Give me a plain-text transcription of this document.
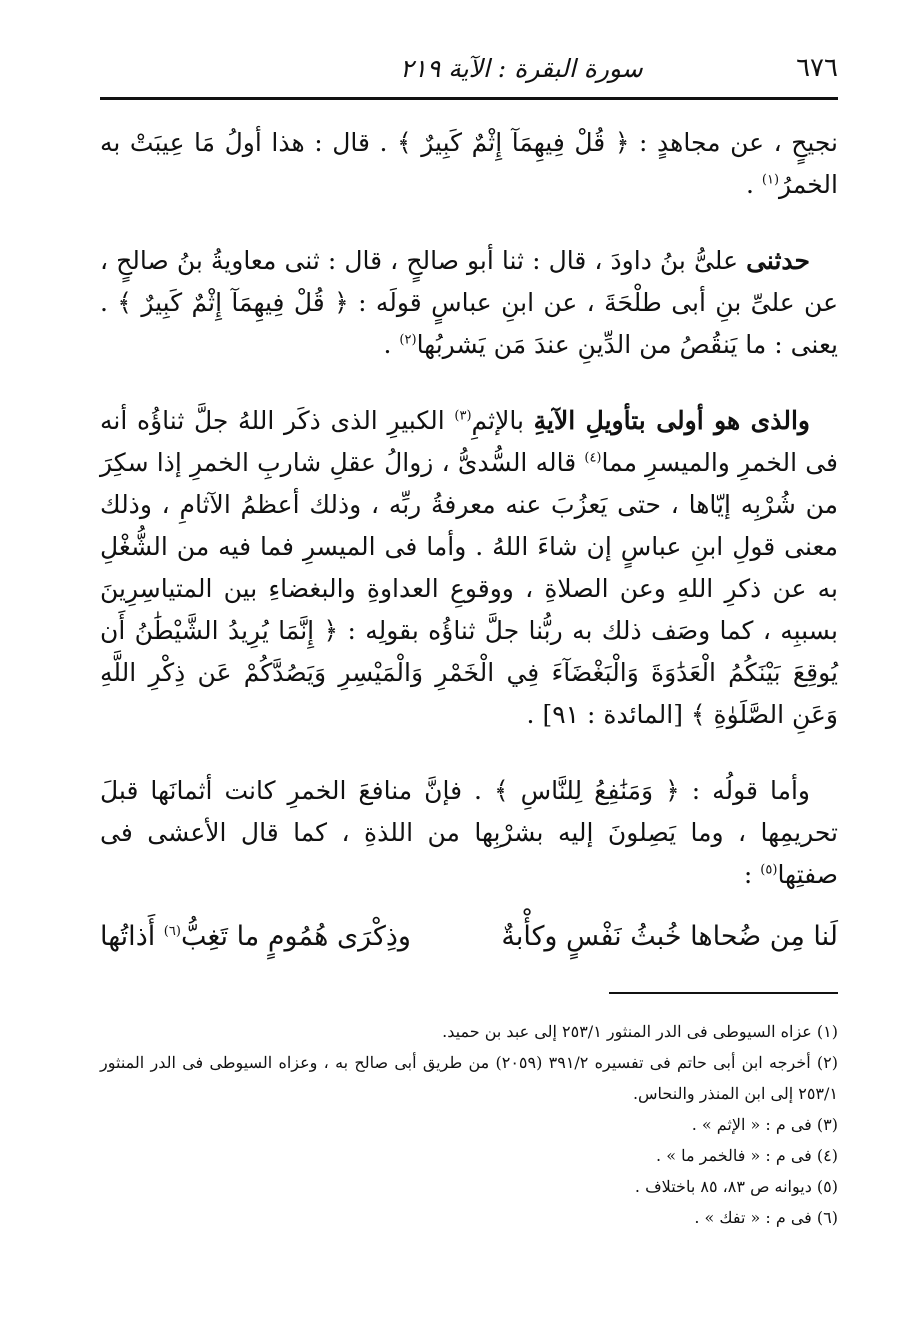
٦٧٦
سورة البقرة : الآية ٢١٩

نجيحٍ ، عن مجاهدٍ : ﴿ قُلْ فِيهِمَآ إِثْمٌ كَبِيرٌ ﴾ . قال : هذا أولُ مَا عِيبَتْ به الخمرُ$^{(١)}$ .

حدثنى علىُّ بنُ داودَ ، قال : ثنا أبو صالحٍ ، قال : ثنى معاويةُ بنُ صالحٍ ، عن علىِّ بنِ أبى طلْحَةَ ، عن ابنِ عباسٍ قولَه : ﴿ قُلْ فِيهِمَآ إِثْمٌ كَبِيرٌ ﴾ . يعنى : ما يَنقُصُ من الدِّينِ عندَ مَن يَشربُها$^{(٢)}$ .

والذى هو أولى بتأويلِ الآيةِ بالإثمِ$^{(٣)}$ الكبيرِ الذى ذكَر اللهُ جلَّ ثناؤُه أنه فى الخمرِ والميسرِ مما$^{(٤)}$ قاله السُّدىُّ ، زوالُ عقلِ شاربِ الخمرِ إذا سكِرَ من شُرْبِه إيّاها ، حتى يَعزُبَ عنه معرفةُ ربِّه ، وذلك أعظمُ الآثامِ ، وذلك معنى قولِ ابنِ عباسٍ إن شاءَ اللهُ . وأما فى الميسرِ فما فيه من الشُّغْلِ به عن ذكرِ اللهِ وعن الصلاةِ ، ووقوعِ العداوةِ والبغضاءِ بين المتياسِرِينَ بسببِه ، كما وصَف ذلك به ربُّنا جلَّ ثناؤُه بقولِه : ﴿ إِنَّمَا يُرِيدُ الشَّيْطَٰنُ أَن يُوقِعَ بَيْنَكُمُ الْعَدَٰوَةَ وَالْبَغْضَآءَ فِي الْخَمْرِ وَالْمَيْسِرِ وَيَصُدَّكُمْ عَن ذِكْرِ اللَّهِ وَعَنِ الصَّلَوٰةِ ﴾ [المائدة : ٩١] .

وأما قولُه : ﴿ وَمَنَٰفِعُ لِلنَّاسِ ﴾ . فإنَّ منافعَ الخمرِ كانت أثمانَها قبلَ تحريمِها ، وما يَصِلونَ إليه بشرْبِها من اللذةِ ، كما قال الأعشى فى صفتِها$^{(٥)}$ :

لَنا مِن ضُحاها خُبثُ نَفْسٍ وكأْبةٌ
وذِكْرَى هُمُومٍ ما تَغِبُّ$^{(٦)}$ أَذاتُها

(١) عزاه السيوطى فى الدر المنثور ٢٥٣/١ إلى عبد بن حميد.

(٢) أخرجه ابن أبى حاتم فى تفسيره ٣٩١/٢ (٢٠٥٩) من طريق أبى صالح به ، وعزاه السيوطى فى الدر المنثور ٢٥٣/١ إلى ابن المنذر والنحاس.

(٣) فى م : « الإثم » .

(٤) فى م : « فالخمر ما » .

(٥) ديوانه ص ٨٣، ٨٥ باختلاف .

(٦) فى م : « تفك » .
